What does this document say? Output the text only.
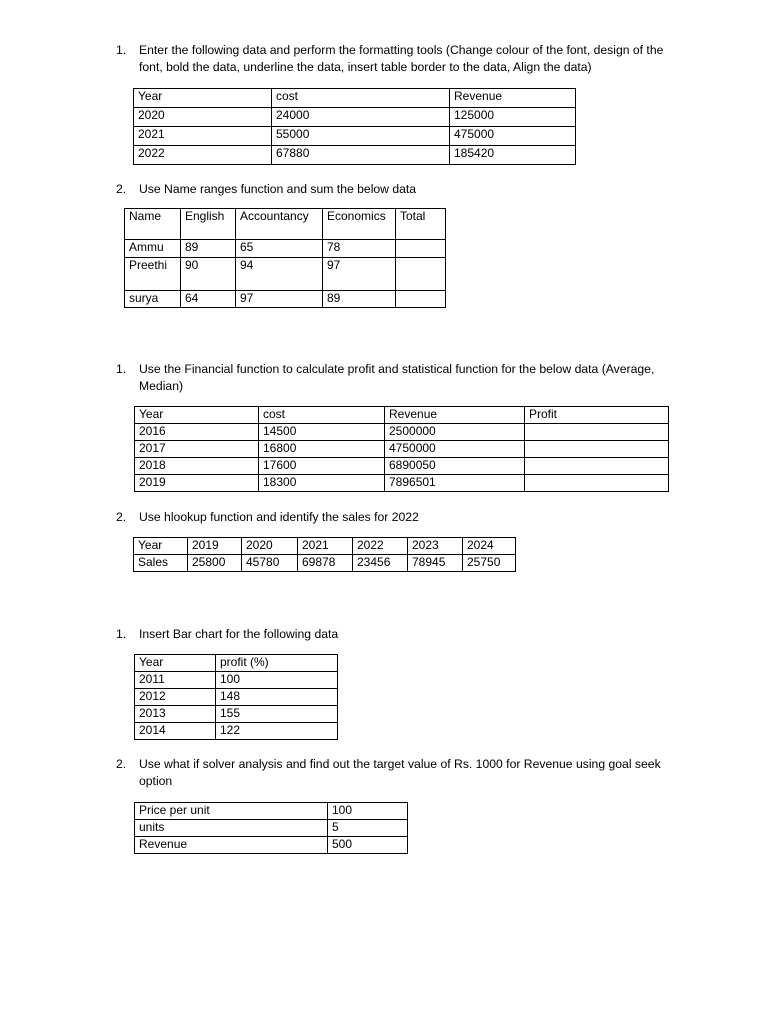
1. Enter the following data and perform the formatting tools (Change colour of the font, design of the font, bold the data, underline the data, insert table border to the data, Align the data)
Year	cost	Revenue
2020	24000	125000
2021	55000	475000
2022	67880	185420
2. Use Name ranges function and sum the below data
Name	English	Accountancy	Economics	Total
Ammu	89	65	78	
Preethi	90	94	97	
surya	64	97	89	
1. Use the Financial function to calculate profit and statistical function for the below data (Average, Median)
Year	cost	Revenue	Profit
2016	14500	2500000	
2017	16800	4750000	
2018	17600	6890050	
2019	18300	7896501	
2. Use hlookup function and identify the sales for 2022
Year	2019	2020	2021	2022	2023	2024
Sales	25800	45780	69878	23456	78945	25750
1. Insert Bar chart for the following data
Year	profit (%)
2011	100
2012	148
2013	155
2014	122
2. Use what if solver analysis and find out the target value of Rs. 1000 for Revenue using goal seek option
Price per unit	100
units	5
Revenue	500
